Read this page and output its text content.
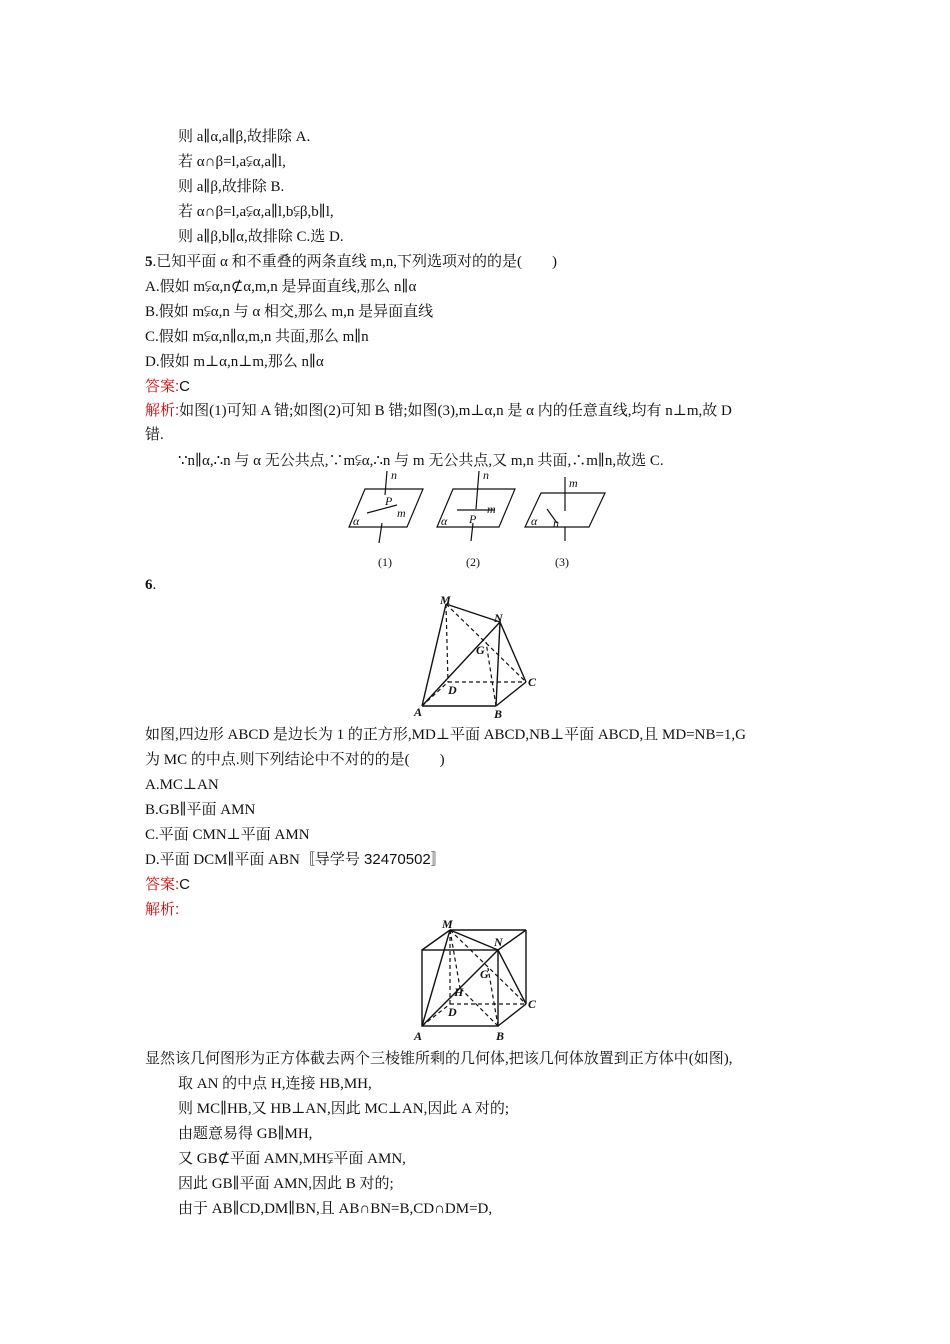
则 a∥α,a∥β,故排除 A.
若 α∩β=l,a⫋α,a∥l,
则 a∥β,故排除 B.
若 α∩β=l,a⫋α,a∥l,b⫋β,b∥l,
则 a∥β,b∥α,故排除 C.选 D.
5.已知平面 α 和不重叠的两条直线 m,n,下列选项对的的是(　　)
A.假如 m⫋α,n⊄α,m,n 是异面直线,那么 n∥α
B.假如 m⫋α,n 与 α 相交,那么 m,n 是异面直线
C.假如 m⫋α,n∥α,m,n 共面,那么 m∥n
D.假如 m⊥α,n⊥m,那么 n∥α
答案:C
解析:如图(1)可知 A 错;如图(2)可知 B 错;如图(3),m⊥α,n 是 α 内的任意直线,均有 n⊥m,故 D
错.
∵n∥α,∴n 与 α 无公共点,∵m⫋α,∴n 与 m 无公共点,又 m,n 共面,∴m∥n,故选 C.
n
P
m
α
n
α P
m
m
α n
(1)	(2)	(3)
6.
M
N
G
D
C
A	B
如图,四边形 ABCD 是边长为 1 的正方形,MD⊥平面 ABCD,NB⊥平面 ABCD,且 MD=NB=1,G
为 MC 的中点.则下列结论中不对的的是(　　)
A.MC⊥AN
B.GB∥平面 AMN
C.平面 CMN⊥平面 AMN
D.平面 DCM∥平面 ABN〚导学号 32470502〛
答案:C
解析:
M
N
G
H
D
C
A	B
显然该几何图形为正方体截去两个三棱锥所剩的几何体,把该几何体放置到正方体中(如图),
取 AN 的中点 H,连接 HB,MH,
则 MC∥HB,又 HB⊥AN,因此 MC⊥AN,因此 A 对的;
由题意易得 GB∥MH,
又 GB⊄平面 AMN,MH⫋平面 AMN,
因此 GB∥平面 AMN,因此 B 对的;
由于 AB∥CD,DM∥BN,且 AB∩BN=B,CD∩DM=D,
